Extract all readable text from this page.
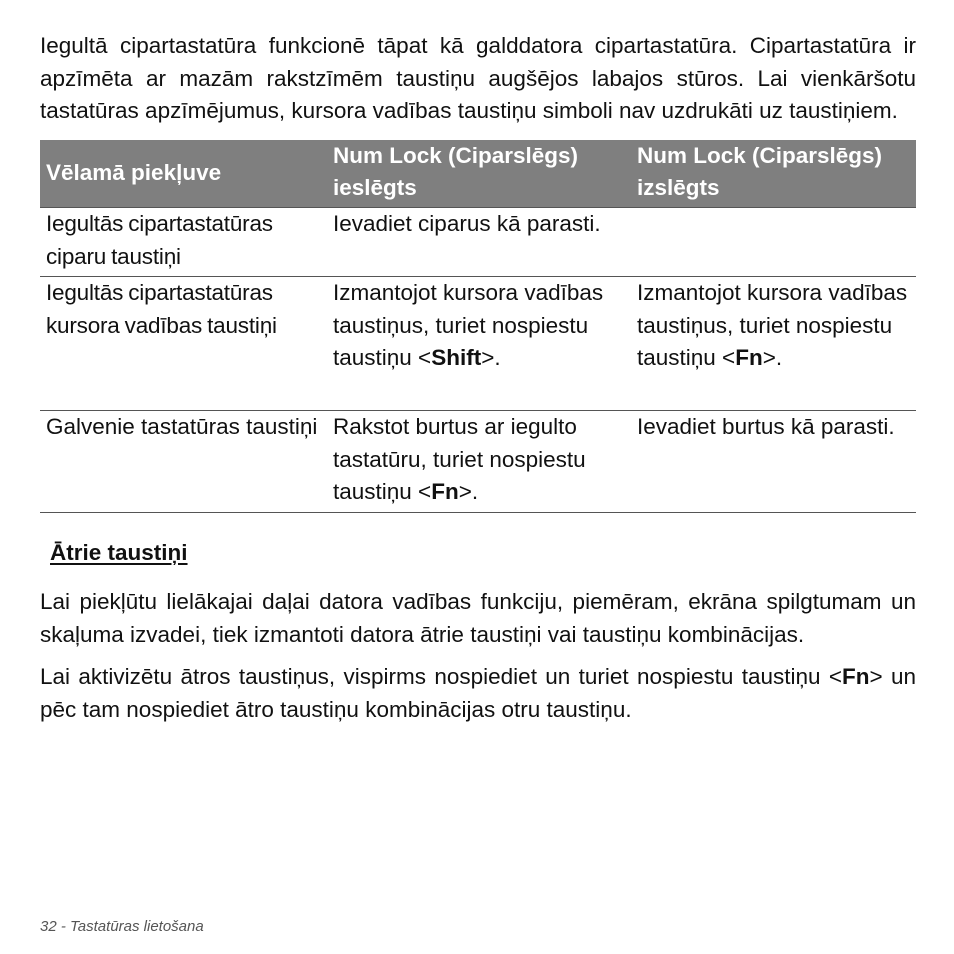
Iegultā cipartastatūra funkcionē tāpat kā galddatora cipartastatūra. Cipartastatūra ir apzīmēta ar mazām rakstzīmēm taustiņu augšējos labajos stūros. Lai vienkāršotu tastatūras apzīmējumus, kursora vadības taustiņu simboli nav uzdrukāti uz taustiņiem.

Vēlamā piekļuve	Num Lock (Ciparslēgs) ieslēgts	Num Lock (Ciparslēgs) izslēgts
Iegultās cipartastatūras ciparu taustiņi	Ievadiet ciparus kā parasti.	
Iegultās cipartastatūras kursora vadības taustiņi	Izmantojot kursora vadības taustiņus, turiet nospiestu taustiņu <Shift>.	Izmantojot kursora vadības taustiņus, turiet nospiestu taustiņu <Fn>.
Galvenie tastatūras taustiņi	Rakstot burtus ar iegulto tastatūru, turiet nospiestu taustiņu <Fn>.	Ievadiet burtus kā parasti.
Ātrie taustiņi

Lai piekļūtu lielākajai daļai datora vadības funkciju, piemēram, ekrāna spilgtumam un skaļuma izvadei, tiek izmantoti datora ātrie taustiņi vai taustiņu kombinācijas.

Lai aktivizētu ātros taustiņus, vispirms nospiediet un turiet nospiestu taustiņu <Fn> un pēc tam nospiediet ātro taustiņu kombinācijas otru taustiņu.

32 - Tastatūras lietošana
